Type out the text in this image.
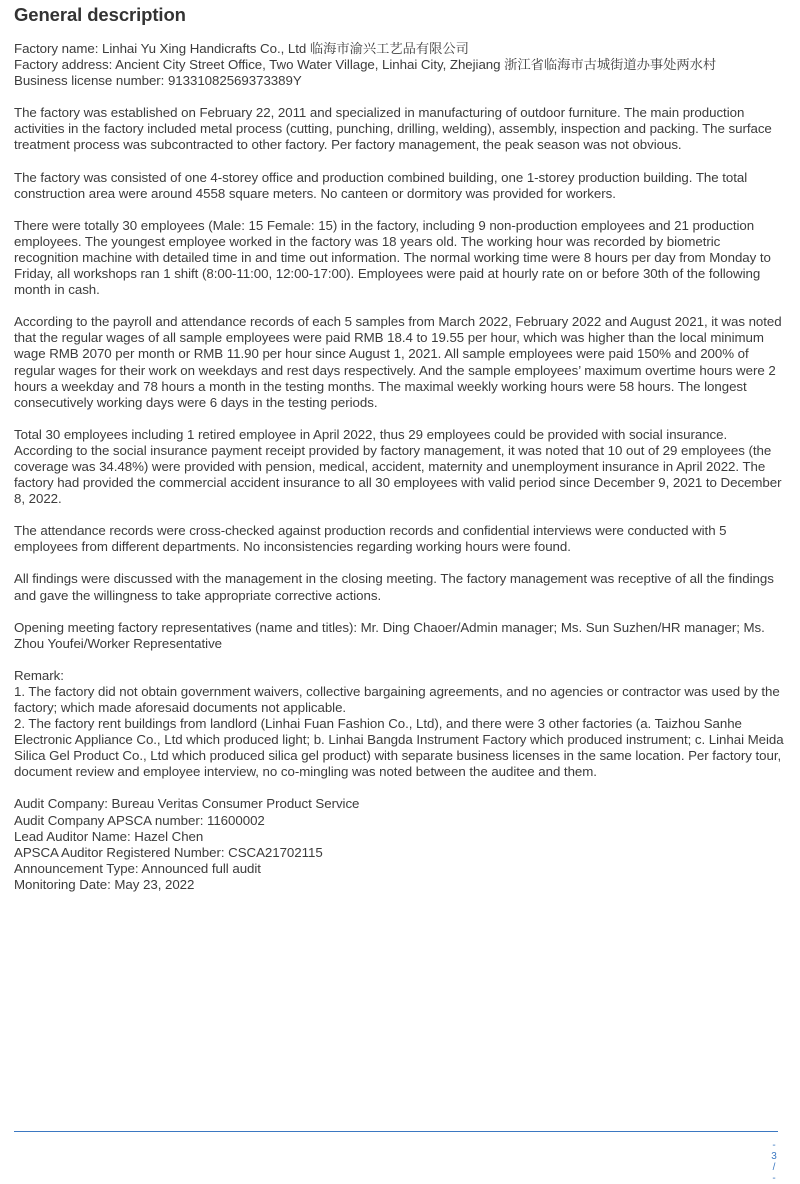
General description
Factory name: Linhai Yu Xing Handicrafts Co., Ltd 临海市渝兴工艺品有限公司
Factory address: Ancient City Street Office, Two Water Village, Linhai City, Zhejiang 浙江省临海市古城街道办事处两水村
Business license number: 91331082569373389Y

The factory was established on February 22, 2011 and specialized in manufacturing of outdoor furniture. The main production activities in the factory included metal process (cutting, punching, drilling, welding), assembly, inspection and packing. The surface treatment process was subcontracted to other factory. Per factory management, the peak season was not obvious.

The factory was consisted of one 4-storey office and production combined building, one 1-storey production building. The total construction area were around 4558 square meters. No canteen or dormitory was provided for workers.

There were totally 30 employees (Male: 15 Female: 15) in the factory, including 9 non-production employees and 21 production employees. The youngest employee worked in the factory was 18 years old. The working hour was recorded by biometric recognition machine with detailed time in and time out information. The normal working time were 8 hours per day from Monday to Friday, all workshops ran 1 shift (8:00-11:00, 12:00-17:00). Employees were paid at hourly rate on or before 30th of the following month in cash.

According to the payroll and attendance records of each 5 samples from March 2022, February 2022 and August 2021, it was noted that the regular wages of all sample employees were paid RMB 18.4 to 19.55 per hour, which was higher than the local minimum wage RMB 2070 per month or RMB 11.90 per hour since August 1, 2021. All sample employees were paid 150% and 200% of regular wages for their work on weekdays and rest days respectively. And the sample employees’ maximum overtime hours were 2 hours a weekday and 78 hours a month in the testing months. The maximal weekly working hours were 58 hours. The longest consecutively working days were 6 days in the testing periods.

Total 30 employees including 1 retired employee in April 2022, thus 29 employees could be provided with social insurance. According to the social insurance payment receipt provided by factory management, it was noted that 10 out of 29 employees (the coverage was 34.48%) were provided with pension, medical, accident, maternity and unemployment insurance in April 2022. The factory had provided the commercial accident insurance to all 30 employees with valid period since December 9, 2021 to December 8, 2022.

The attendance records were cross-checked against production records and confidential interviews were conducted with 5 employees from different departments. No inconsistencies regarding working hours were found.

All findings were discussed with the management in the closing meeting. The factory management was receptive of all the findings and gave the willingness to take appropriate corrective actions.

Opening meeting factory representatives (name and titles): Mr. Ding Chaoer/Admin manager; Ms. Sun Suzhen/HR manager; Ms. Zhou Youfei/Worker Representative

Remark:
1. The factory did not obtain government waivers, collective bargaining agreements, and no agencies or contractor was used by the factory; which made aforesaid documents not applicable.
2. The factory rent buildings from landlord (Linhai Fuan Fashion Co., Ltd), and there were 3 other factories (a. Taizhou Sanhe Electronic Appliance Co., Ltd which produced light; b. Linhai Bangda Instrument Factory which produced instrument; c. Linhai Meida Silica Gel Product Co., Ltd which produced silica gel product) with separate business licenses in the same location. Per factory tour, document review and employee interview, no co-mingling was noted between the auditee and them.
Audit Company: Bureau Veritas Consumer Product Service
Audit Company APSCA number: 11600002
Lead Auditor Name: Hazel Chen
APSCA Auditor Registered Number: CSCA21702115
Announcement Type: Announced full audit
Monitoring Date: May 23, 2022
-
3
/
-
